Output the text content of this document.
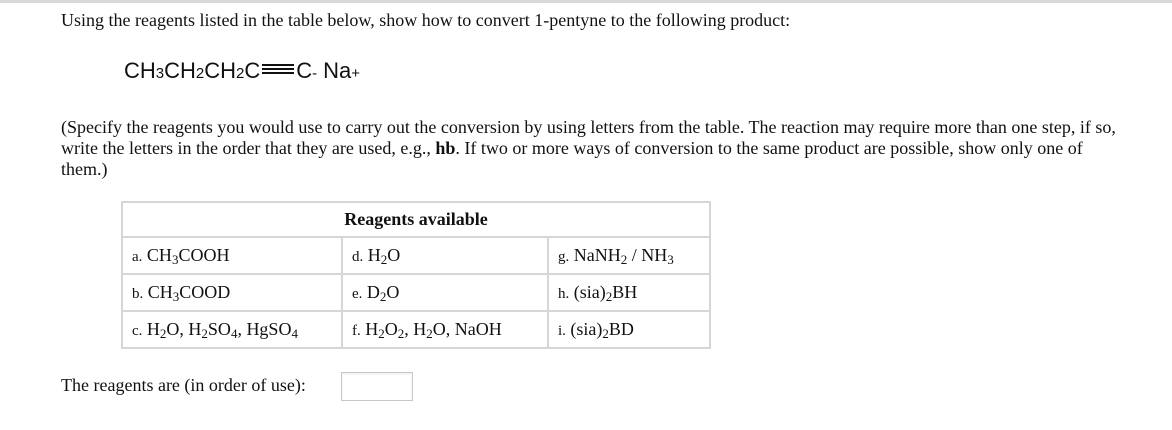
Using the reagents listed in the table below, show how to convert 1-pentyne to the following product:
CH 3 CH 2 CH 2 C C - Na +
(Specify the reagents you would use to carry out the conversion by using letters from the table. The reaction may require more than one step, if so, write the letters in the order that they are used, e.g., hb. If two or more ways of conversion to the same product are possible, show only one of them.)
Reagents available		

a. $CH_3COOH$	d. $H_2O$	g. NaNH$_2$ / $NH_3$

b. $CH_3COOD$	e. $D_2O$	h. $(sia)_2BH$

c. $H_2O$, $H_2SO_4$, HgSO$_4$	f. $H_2O_2$, $H_2O$, NaOH	i. $(sia)_2BD$
The reagents are (in order of use):
